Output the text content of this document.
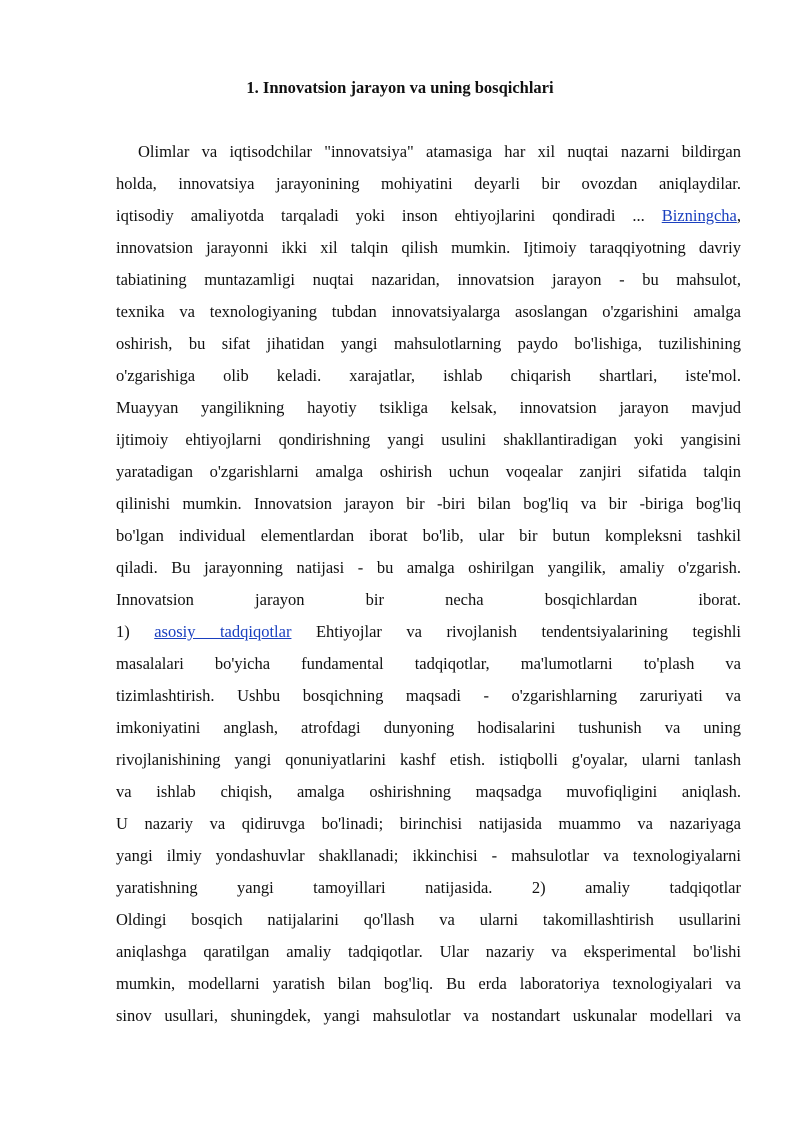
1. Innovatsion jarayon va uning bosqichlari
Olimlar va iqtisodchilar "innovatsiya" atamasiga har xil nuqtai nazarni bildirgan
holda, innovatsiya jarayonining mohiyatini deyarli bir ovozdan aniqlaydilar.
iqtisodiy amaliyotda tarqaladi yoki inson ehtiyojlarini qondiradi ... Bizningcha,
innovatsion jarayonni ikki xil talqin qilish mumkin. Ijtimoiy taraqqiyotning davriy
tabiatining muntazamligi nuqtai nazaridan, innovatsion jarayon - bu mahsulot,
texnika va texnologiyaning tubdan innovatsiyalarga asoslangan o'zgarishini amalga
oshirish, bu sifat jihatidan yangi mahsulotlarning paydo bo'lishiga, tuzilishining
o'zgarishiga olib keladi. xarajatlar, ishlab chiqarish shartlari, iste'mol.
Muayyan yangilikning hayotiy tsikliga kelsak, innovatsion jarayon mavjud
ijtimoiy ehtiyojlarni qondirishning yangi usulini shakllantiradigan yoki yangisini
yaratadigan o'zgarishlarni amalga oshirish uchun voqealar zanjiri sifatida talqin
qilinishi mumkin. Innovatsion jarayon bir -biri bilan bog'liq va bir -biriga bog'liq
bo'lgan individual elementlardan iborat bo'lib, ular bir butun kompleksni tashkil
qiladi. Bu jarayonning natijasi - bu amalga oshirilgan yangilik, amaliy o'zgarish.
Innovatsion jarayon bir necha bosqichlardan iborat.
1) asosiy tadqiqotlar Ehtiyojlar va rivojlanish tendentsiyalarining tegishli
masalalari bo'yicha fundamental tadqiqotlar, ma'lumotlarni to'plash va
tizimlashtirish. Ushbu bosqichning maqsadi - o'zgarishlarning zaruriyati va
imkoniyatini anglash, atrofdagi dunyoning hodisalarini tushunish va uning
rivojlanishining yangi qonuniyatlarini kashf etish. istiqbolli g'oyalar, ularni tanlash
va ishlab chiqish, amalga oshirishning maqsadga muvofiqligini aniqlash.
U nazariy va qidiruvga bo'linadi; birinchisi natijasida muammo va nazariyaga
yangi ilmiy yondashuvlar shakllanadi; ikkinchisi - mahsulotlar va texnologiyalarni
yaratishning yangi tamoyillari natijasida. 2) amaliy tadqiqotlar
Oldingi bosqich natijalarini qo'llash va ularni takomillashtirish usullarini
aniqlashga qaratilgan amaliy tadqiqotlar. Ular nazariy va eksperimental bo'lishi
mumkin, modellarni yaratish bilan bog'liq. Bu erda laboratoriya texnologiyalari va
sinov usullari, shuningdek, yangi mahsulotlar va nostandart uskunalar modellari va
